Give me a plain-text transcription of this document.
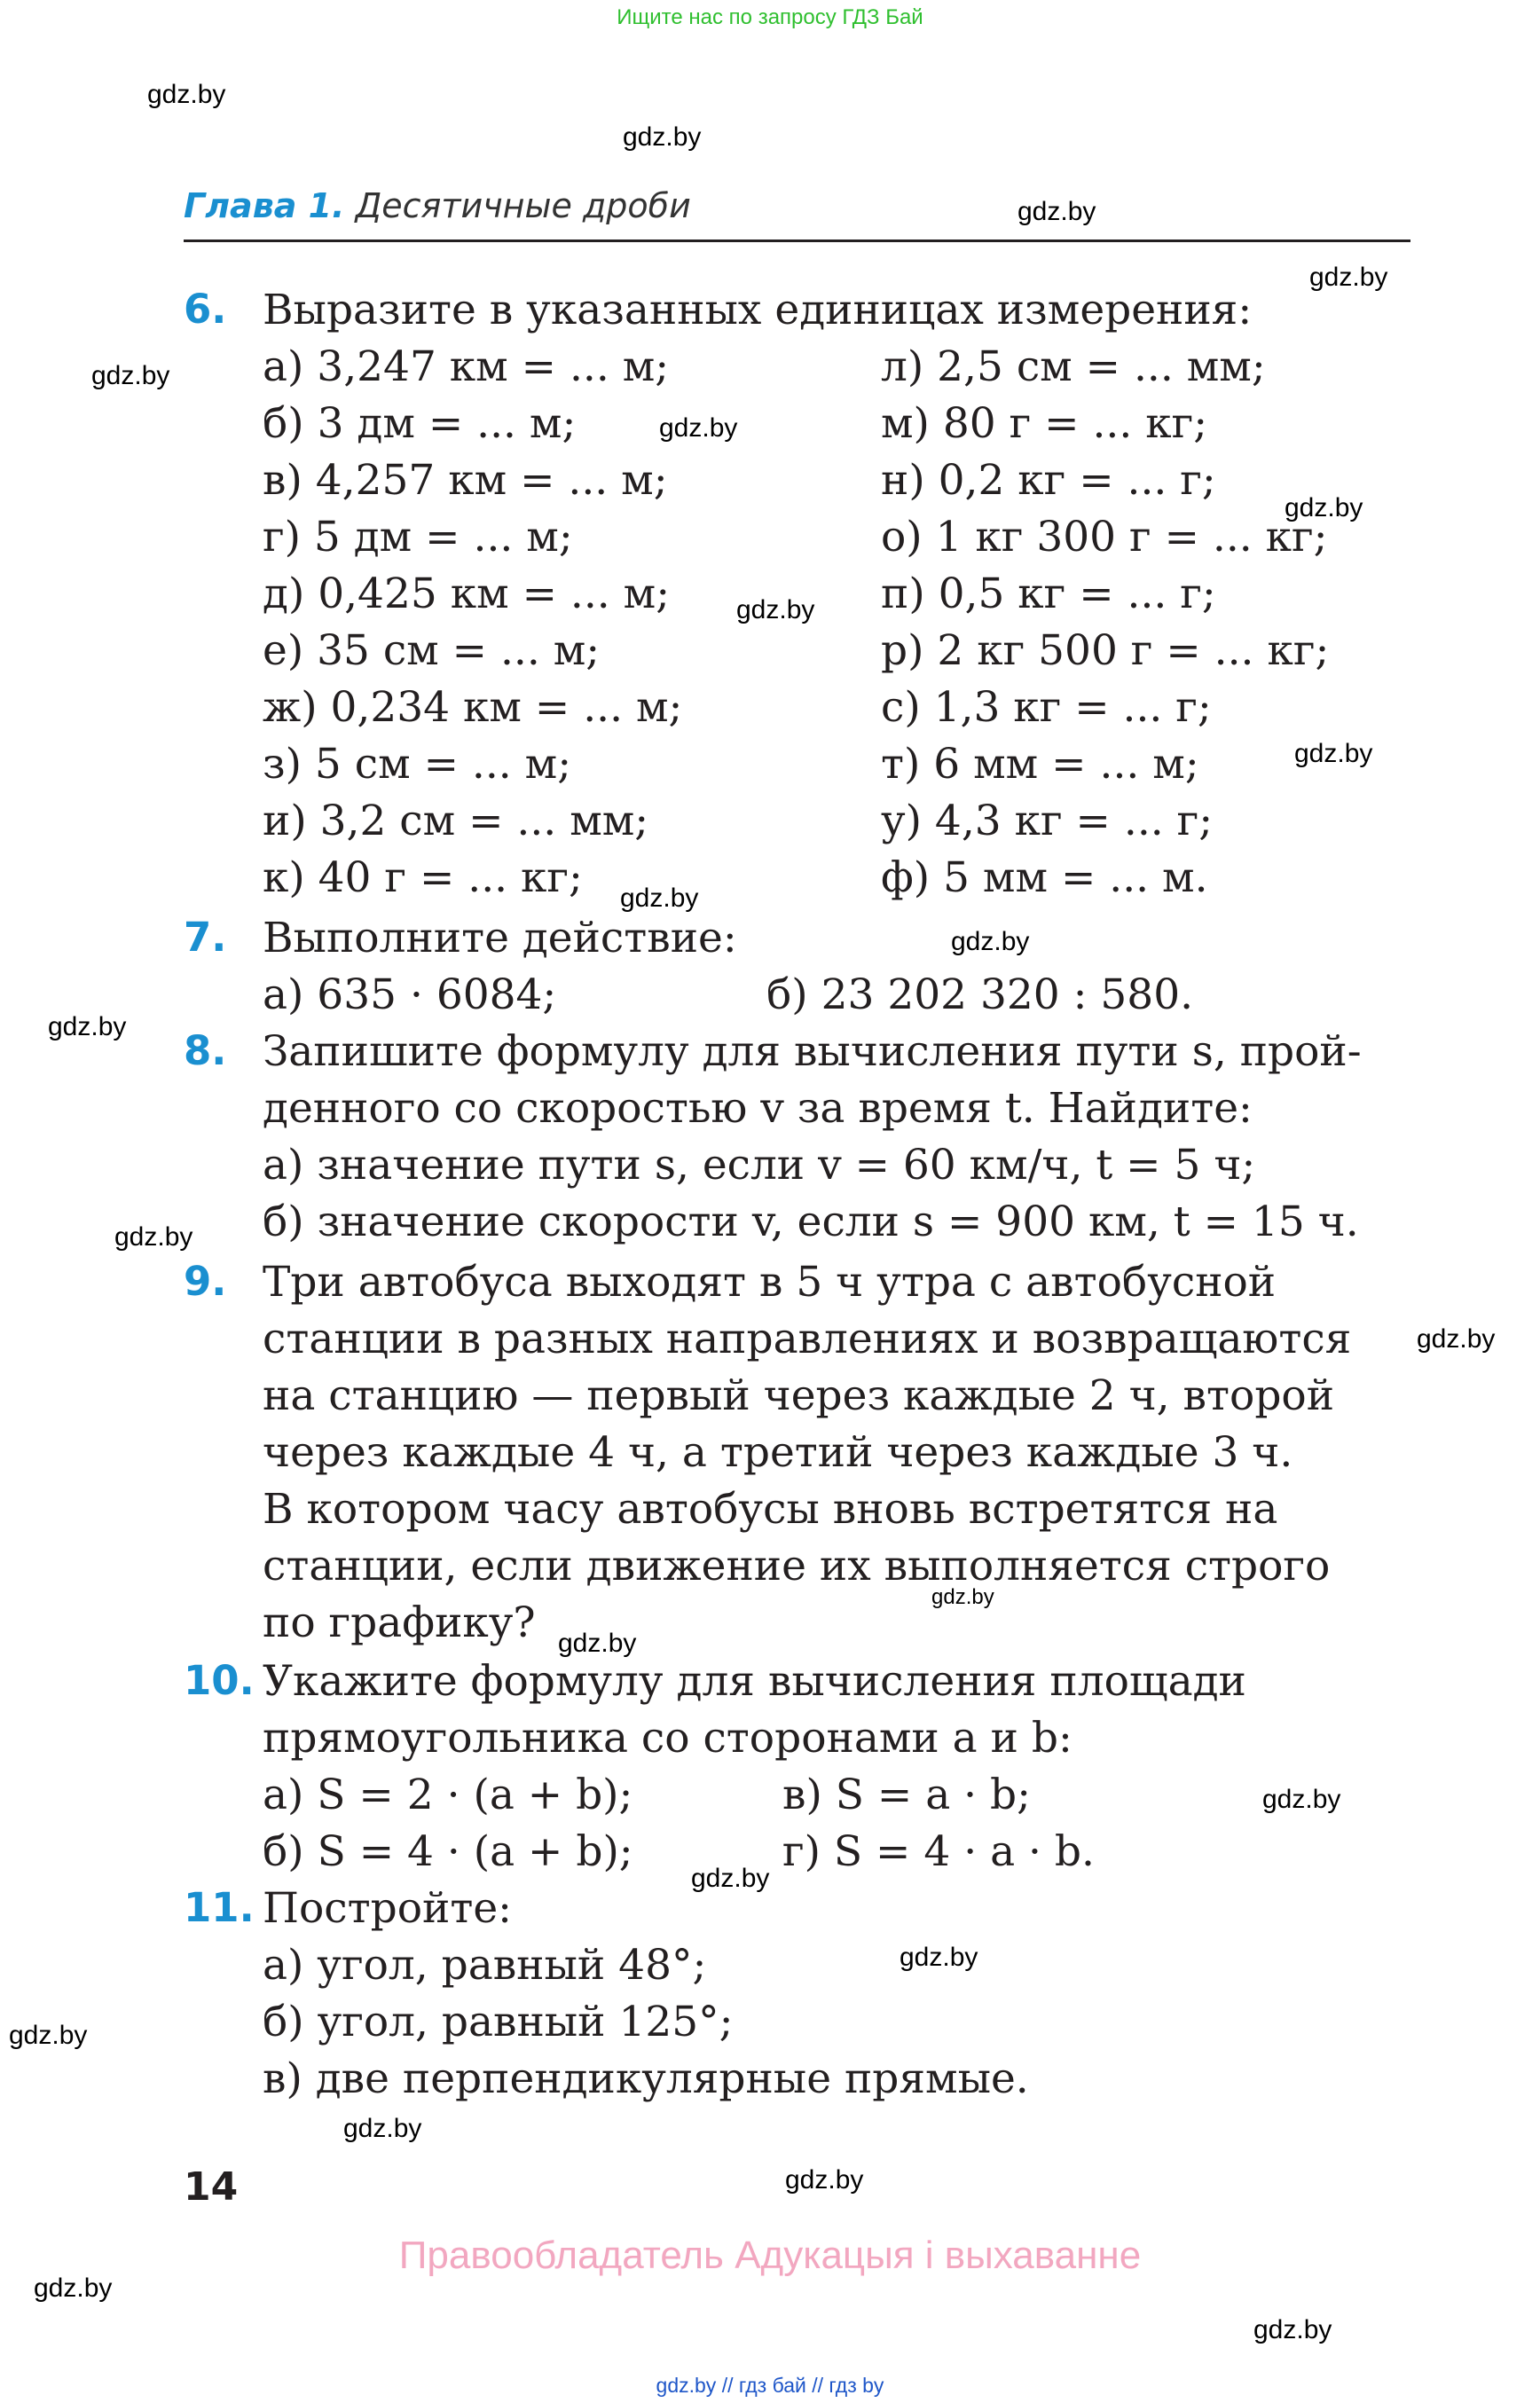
Ищите нас по запросу ГДЗ Бай
gdz.by
gdz.by
gdz.by
gdz.by
gdz.by
gdz.by
gdz.by
gdz.by
gdz.by
gdz.by
gdz.by
gdz.by
gdz.by
gdz.by
gdz.by
gdz.by
gdz.by
gdz.by
gdz.by
gdz.by
gdz.by
gdz.by
gdz.by
gdz.by
Глава 1. Десятичные дроби
6. Выразите в указанных единицах измерения:
а) 3,247 км = ... м;
б) 3 дм = ... м;
в) 4,257 км = ... м;
г) 5 дм = ... м;
д) 0,425 км = ... м;
е) 35 см = ... м;
ж) 0,234 км = ... м;
з) 5 см = ... м;
и) 3,2 см = ... мм;
к) 40 г = ... кг;
л) 2,5 см = ... мм;
м) 80 г = ... кг;
н) 0,2 кг = ... г;
о) 1 кг 300 г = ... кг;
п) 0,5 кг = ... г;
р) 2 кг 500 г = ... кг;
с) 1,3 кг = ... г;
т) 6 мм = ... м;
у) 4,3 кг = ... г;
ф) 5 мм = ... м.
7. Выполните действие:
а) 635 · 6084;	б) 23 202 320 : 580.
8. Запишите формулу для вычисления пути s, прой-
денного со скоростью v за время t. Найдите:
а) значение пути s, если v = 60 км/ч, t = 5 ч;
б) значение скорости v, если s = 900 км, t = 15 ч.
9. Три автобуса выходят в 5 ч утра с автобусной
станции в разных направлениях и возвращаются
на станцию — первый через каждые 2 ч, второй
через каждые 4 ч, а третий через каждые 3 ч.
В котором часу автобусы вновь встретятся на
станции, если движение их выполняется строго
по графику?
10. Укажите формулу для вычисления площади
прямоугольника со сторонами a и b:
а) S = 2 · (a + b);	в) S = a · b;
б) S = 4 · (a + b);	г) S = 4 · a · b.
11. Постройте:
а) угол, равный 48°;
б) угол, равный 125°;
в) две перпендикулярные прямые.
14
Правообладатель Адукацыя і выхаванне
gdz.by // гдз бай // гдз by
